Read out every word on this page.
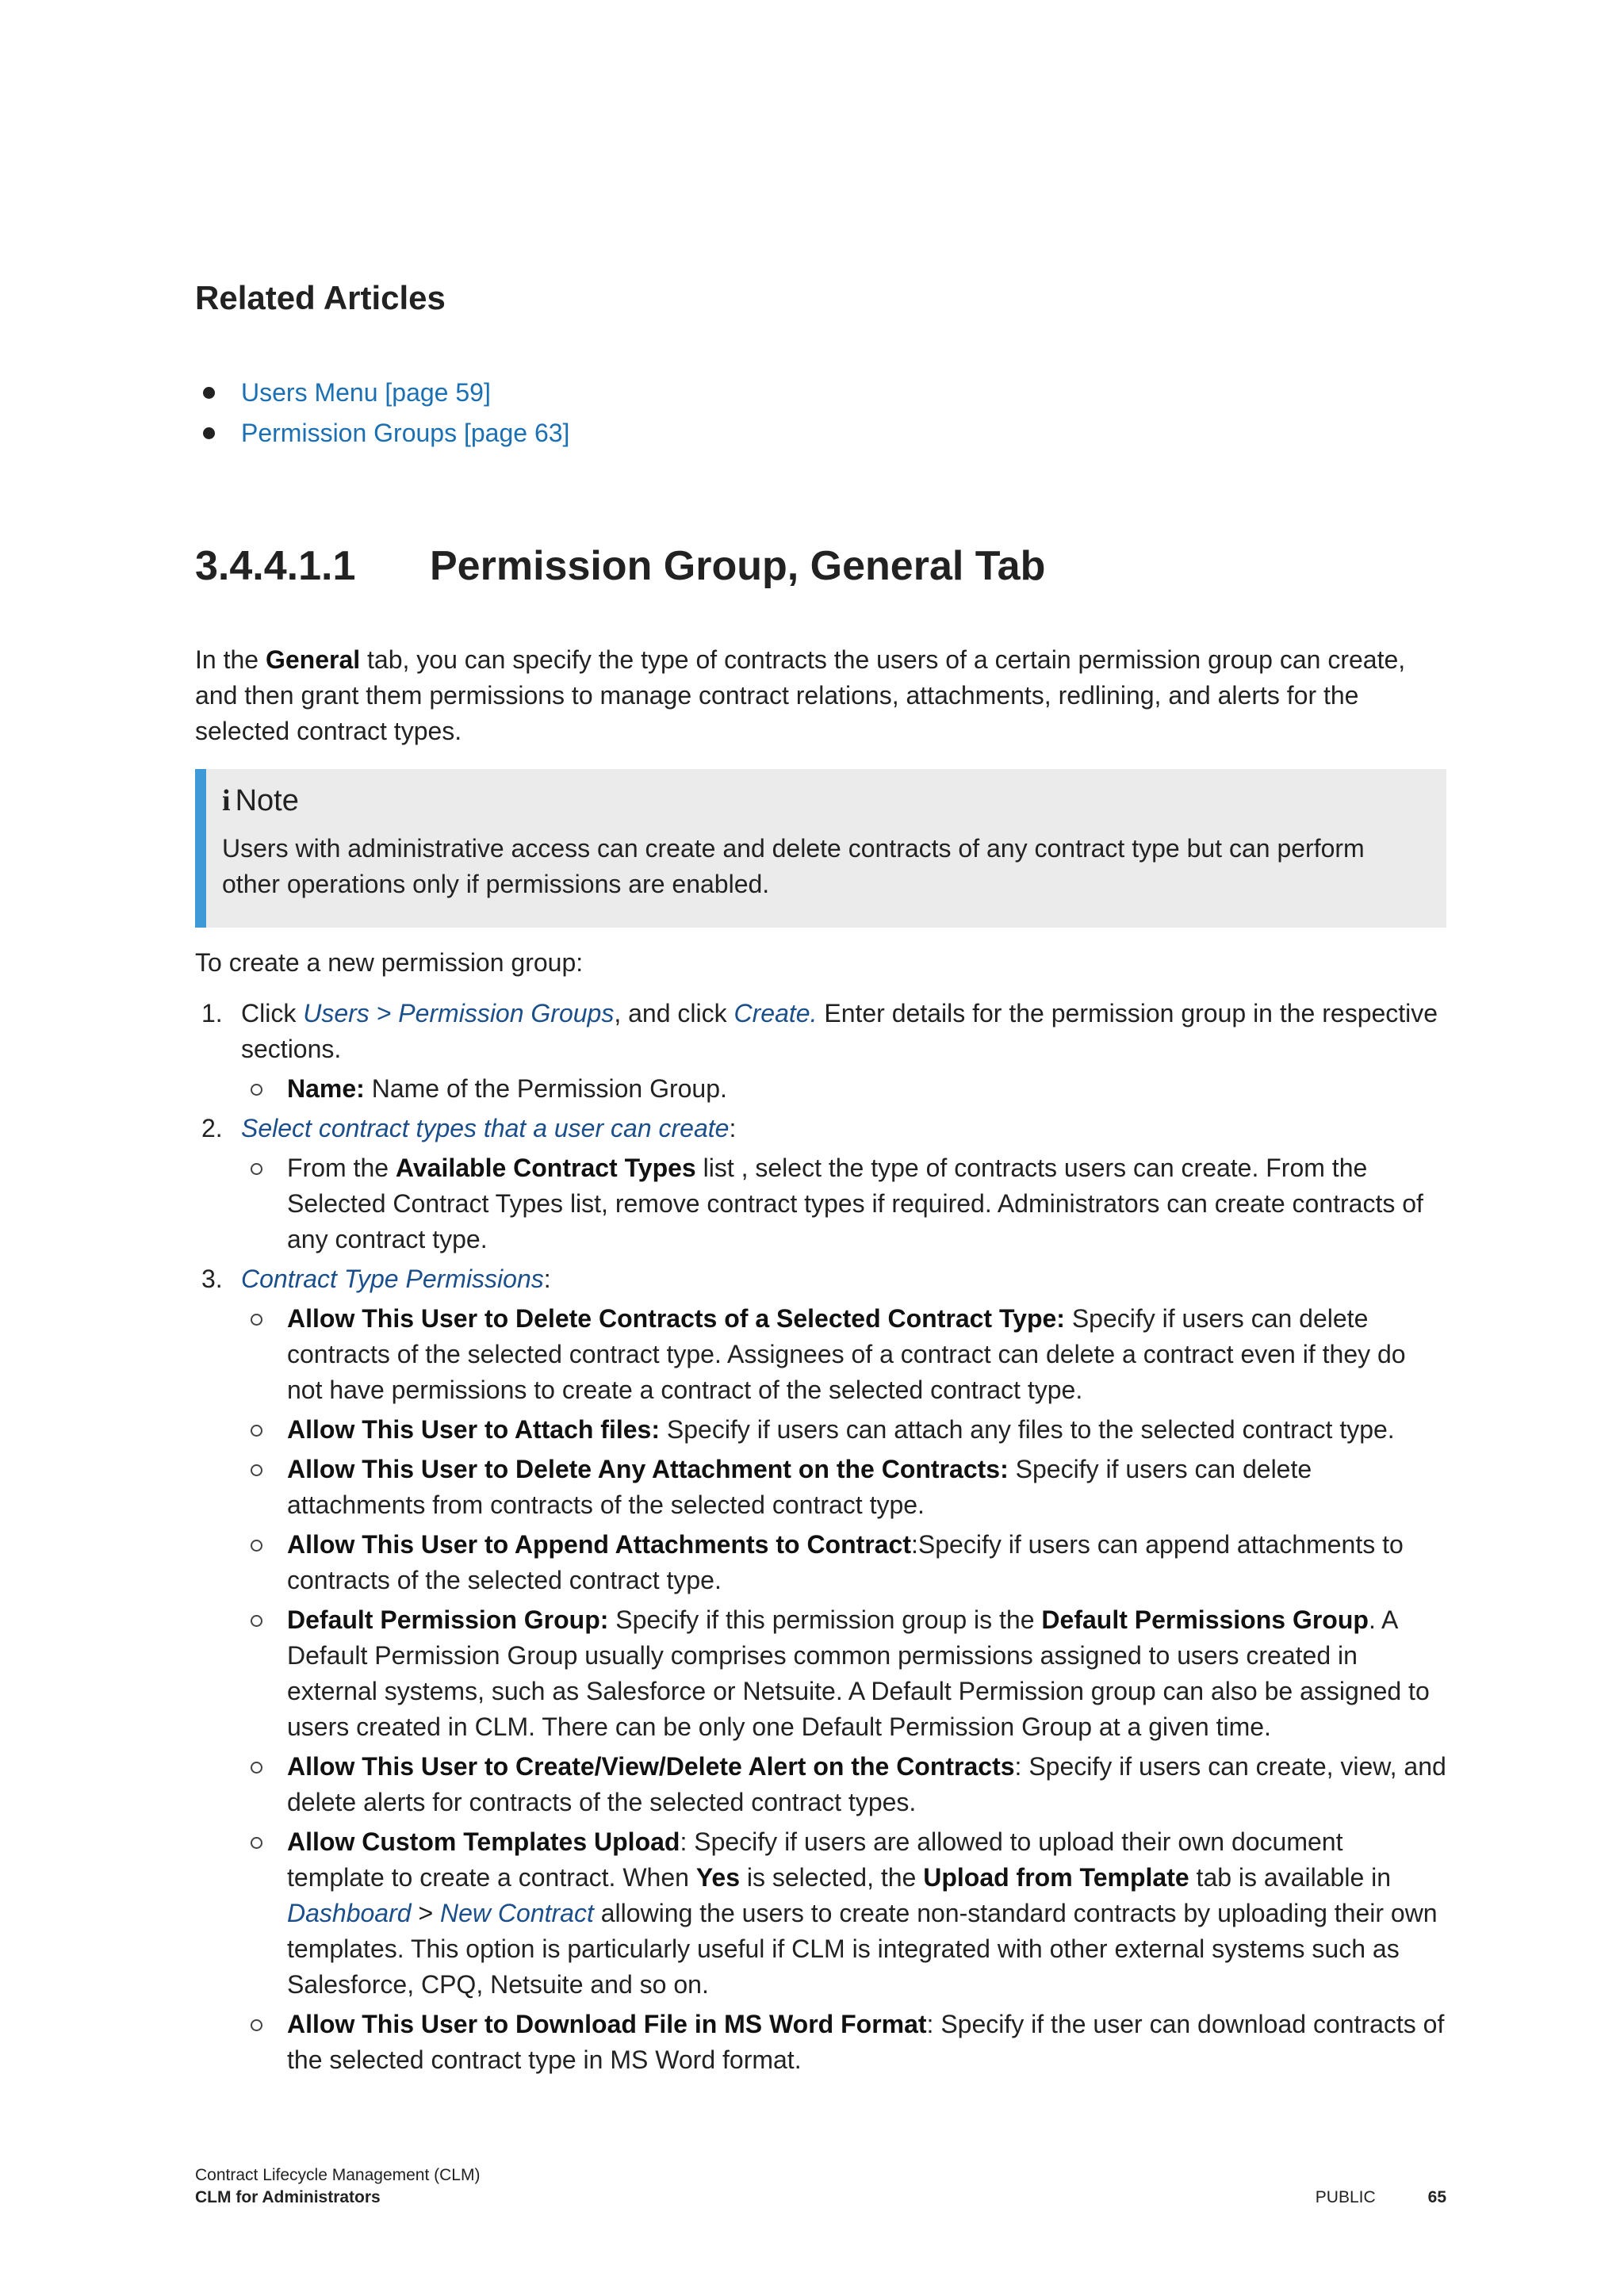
Related Articles
Users Menu [page 59]
Permission Groups [page 63]
3.4.4.1.1 Permission Group, General Tab

In the General tab, you can specify the type of contracts the users of a certain permission group can create, and then grant them permissions to manage contract relations, attachments, redlining, and alerts for the selected contract types.

i Note

Users with administrative access can create and delete contracts of any contract type but can perform other operations only if permissions are enabled.

To create a new permission group:

1. Click Users > Permission Groups, and click Create. Enter details for the permission group in the respective sections.
Name: Name of the Permission Group.
2. Select contract types that a user can create:
From the Available Contract Types list , select the type of contracts users can create. From the Selected Contract Types list, remove contract types if required. Administrators can create contracts of any contract type.
3. Contract Type Permissions:
Allow This User to Delete Contracts of a Selected Contract Type: Specify if users can delete contracts of the selected contract type. Assignees of a contract can delete a contract even if they do not have permissions to create a contract of the selected contract type.
Allow This User to Attach files: Specify if users can attach any files to the selected contract type.
Allow This User to Delete Any Attachment on the Contracts: Specify if users can delete attachments from contracts of the selected contract type.
Allow This User to Append Attachments to Contract:Specify if users can append attachments to contracts of the selected contract type.
Default Permission Group: Specify if this permission group is the Default Permissions Group. A Default Permission Group usually comprises common permissions assigned to users created in external systems, such as Salesforce or Netsuite. A Default Permission group can also be assigned to users created in CLM. There can be only one Default Permission Group at a given time.
Allow This User to Create/View/Delete Alert on the Contracts: Specify if users can create, view, and delete alerts for contracts of the selected contract types.
Allow Custom Templates Upload: Specify if users are allowed to upload their own document template to create a contract. When Yes is selected, the Upload from Template tab is available in Dashboard > New Contract allowing the users to create non-standard contracts by uploading their own templates. This option is particularly useful if CLM is integrated with other external systems such as Salesforce, CPQ, Netsuite and so on.
Allow This User to Download File in MS Word Format: Specify if the user can download contracts of the selected contract type in MS Word format.
Contract Lifecycle Management (CLM)
CLM for Administrators	PUBLIC	65
